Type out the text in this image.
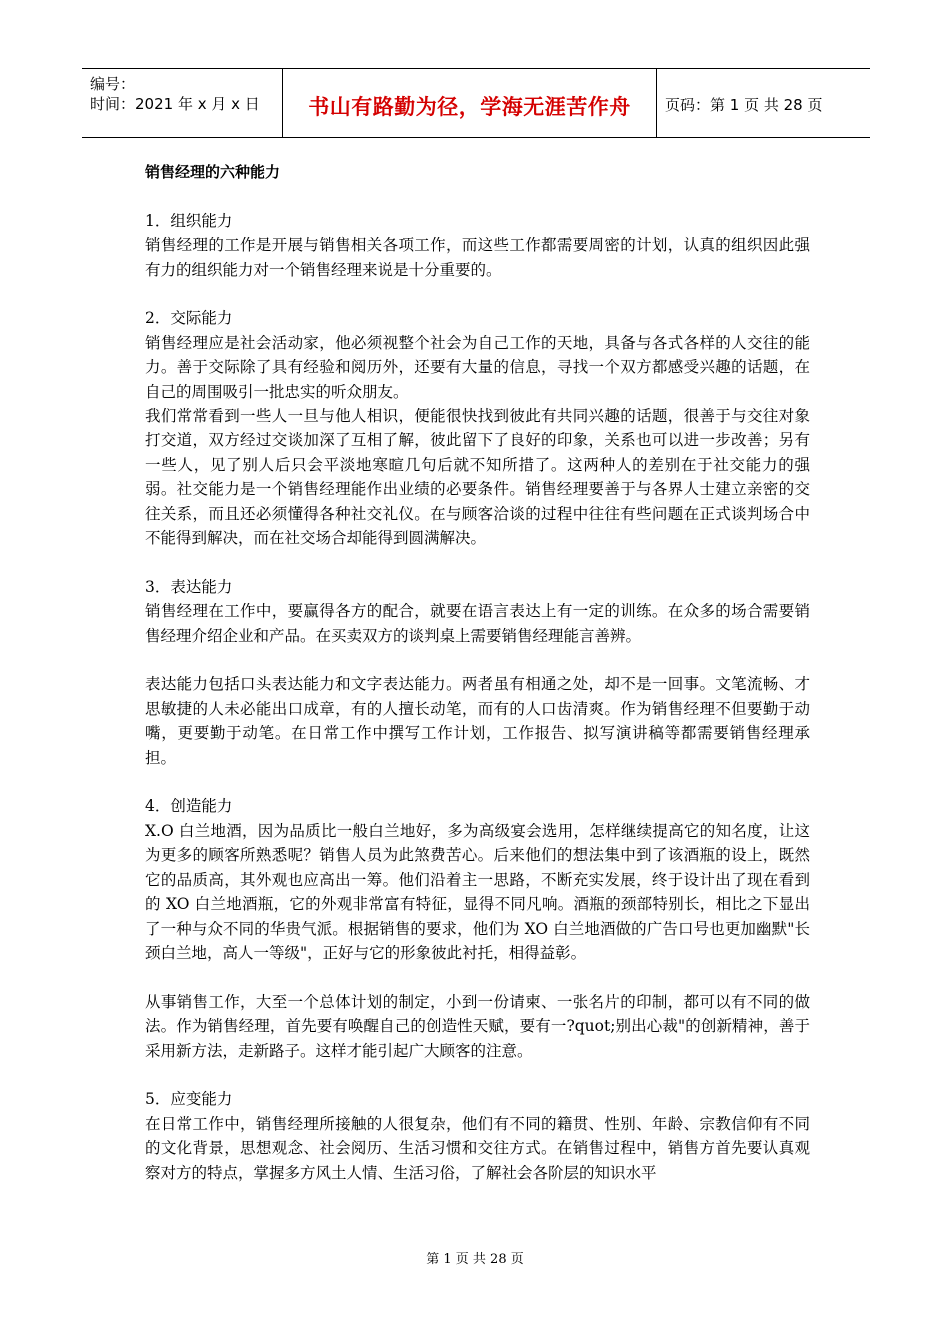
编号：
时间：2021 年 x 月 x 日	书山有路勤为径，学海无涯苦作舟	页码：第 1 页 共 28 页
销售经理的六种能力

1．组织能力

销售经理的工作是开展与销售相关各项工作，而这些工作都需要周密的计划，认真的组织因此强有力的组织能力对一个销售经理来说是十分重要的。

2．交际能力

销售经理应是社会活动家，他必须视整个社会为自己工作的天地，具备与各式各样的人交往的能力。善于交际除了具有经验和阅历外，还要有大量的信息，寻找一个双方都感受兴趣的话题，在自己的周围吸引一批忠实的听众朋友。

我们常常看到一些人一旦与他人相识，便能很快找到彼此有共同兴趣的话题，很善于与交往对象打交道，双方经过交谈加深了互相了解，彼此留下了良好的印象，关系也可以进一步改善；另有一些人，见了别人后只会平淡地寒暄几句后就不知所措了。这两种人的差别在于社交能力的强弱。社交能力是一个销售经理能作出业绩的必要条件。销售经理要善于与各界人士建立亲密的交往关系，而且还必须懂得各种社交礼仪。在与顾客洽谈的过程中往往有些问题在正式谈判场合中不能得到解决，而在社交场合却能得到圆满解决。

3．表达能力

销售经理在工作中，要赢得各方的配合，就要在语言表达上有一定的训练。在众多的场合需要销售经理介绍企业和产品。在买卖双方的谈判桌上需要销售经理能言善辨。

表达能力包括口头表达能力和文字表达能力。两者虽有相通之处，却不是一回事。文笔流畅、才思敏捷的人未必能出口成章，有的人擅长动笔，而有的人口齿清爽。作为销售经理不但要勤于动嘴，更要勤于动笔。在日常工作中撰写工作计划，工作报告、拟写演讲稿等都需要销售经理承担。

4．创造能力

X.O 白兰地酒，因为品质比一般白兰地好，多为高级宴会选用，怎样继续提高它的知名度，让这为更多的顾客所熟悉呢？销售人员为此煞费苦心。后来他们的想法集中到了该酒瓶的设上，既然它的品质高，其外观也应高出一筹。他们沿着主一思路，不断充实发展，终于设计出了现在看到的 XO 白兰地酒瓶，它的外观非常富有特征，显得不同凡响。酒瓶的颈部特别长，相比之下显出了一种与众不同的华贵气派。根据销售的要求，他们为 XO 白兰地酒做的广告口号也更加幽默"长颈白兰地，高人一等级"，正好与它的形象彼此衬托，相得益彰。

从事销售工作，大至一个总体计划的制定，小到一份请柬、一张名片的印制，都可以有不同的做法。作为销售经理，首先要有唤醒自己的创造性天赋，要有一?quot;别出心裁"的创新精神，善于采用新方法，走新路子。这样才能引起广大顾客的注意。

5．应变能力

在日常工作中，销售经理所接触的人很复杂，他们有不同的籍贯、性别、年龄、宗教信仰有不同的文化背景，思想观念、社会阅历、生活习惯和交往方式。在销售过程中，销售方首先要认真观察对方的特点，掌握多方风土人情、生活习俗，了解社会各阶层的知识水平

第 1 页 共 28 页
